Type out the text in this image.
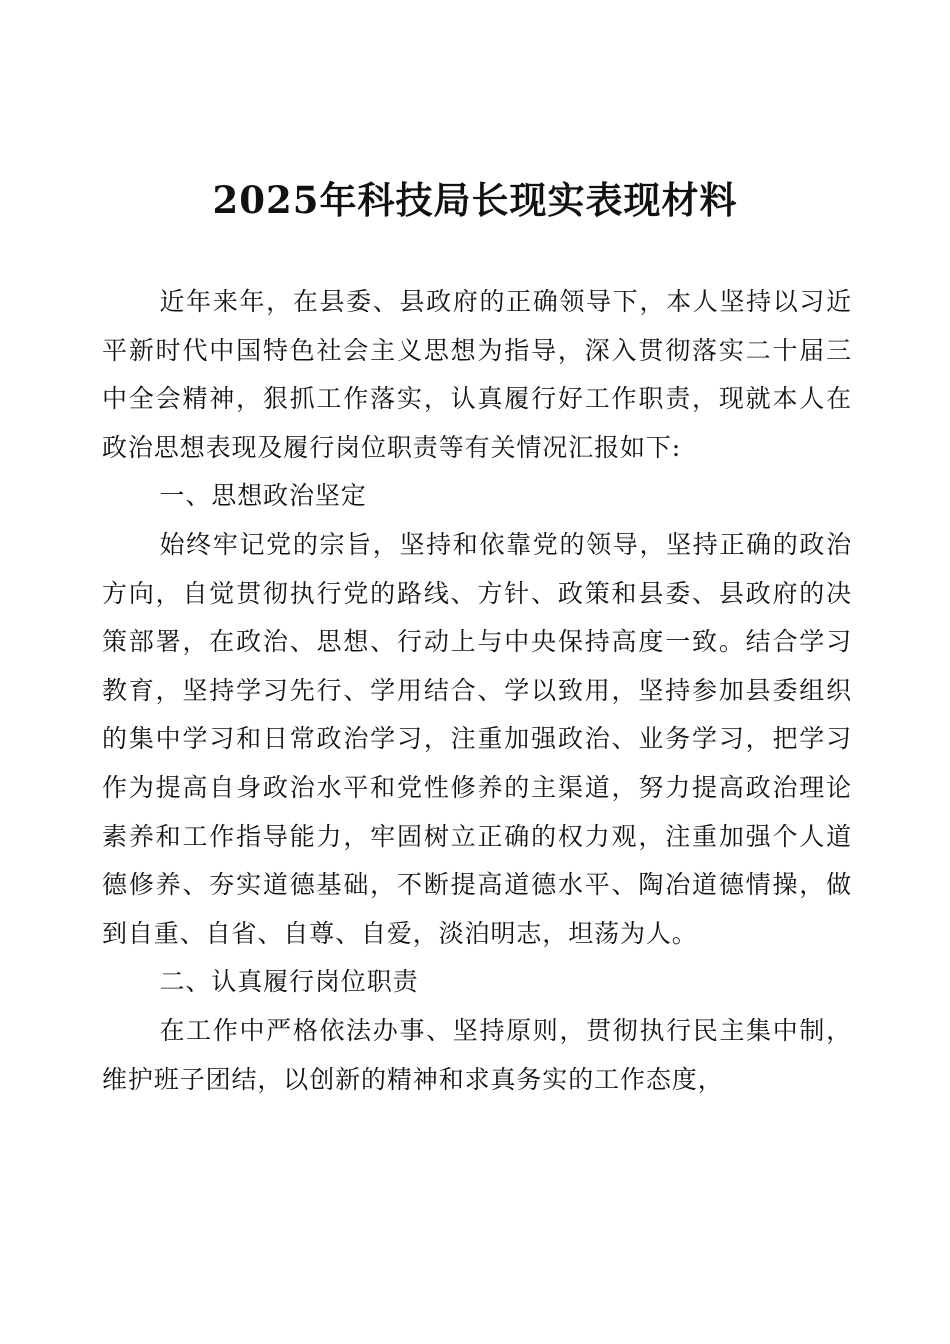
2025年科技局长现实表现材料

近年来年，在县委、县政府的正确领导下，本人坚持以习近平新时代中国特色社会主义思想为指导，深入贯彻落实二十届三中全会精神，狠抓工作落实，认真履行好工作职责，现就本人在政治思想表现及履行岗位职责等有关情况汇报如下:

一、思想政治坚定

始终牢记党的宗旨，坚持和依靠党的领导，坚持正确的政治方向，自觉贯彻执行党的路线、方针、政策和县委、县政府的决策部署，在政治、思想、行动上与中央保持高度一致。结合学习教育，坚持学习先行、学用结合、学以致用，坚持参加县委组织的集中学习和日常政治学习，注重加强政治、业务学习，把学习作为提高自身政治水平和党性修养的主渠道，努力提高政治理论素养和工作指导能力，牢固树立正确的权力观，注重加强个人道德修养、夯实道德基础，不断提高道德水平、陶冶道德情操，做到自重、自省、自尊、自爱，淡泊明志，坦荡为人。

二、认真履行岗位职责

在工作中严格依法办事、坚持原则，贯彻执行民主集中制，维护班子团结，以创新的精神和求真务实的工作态度，
